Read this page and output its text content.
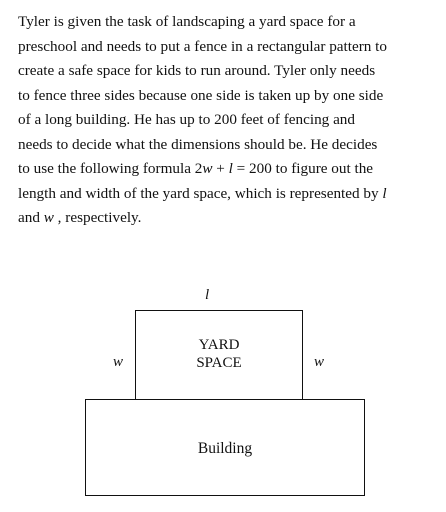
Tyler is given the task of landscaping a yard space for a
preschool and needs to put a fence in a rectangular pattern to
create a safe space for kids to run around. Tyler only needs
to fence three sides because one side is taken up by one side
of a long building. He has up to 200 feet of fencing and
needs to decide what the dimensions should be. He decides
to use the following formula 2w + l = 200 to figure out the
length and width of the yard space, which is represented by l
and w , respectively.
l
w	w
YARD
SPACE
Building
